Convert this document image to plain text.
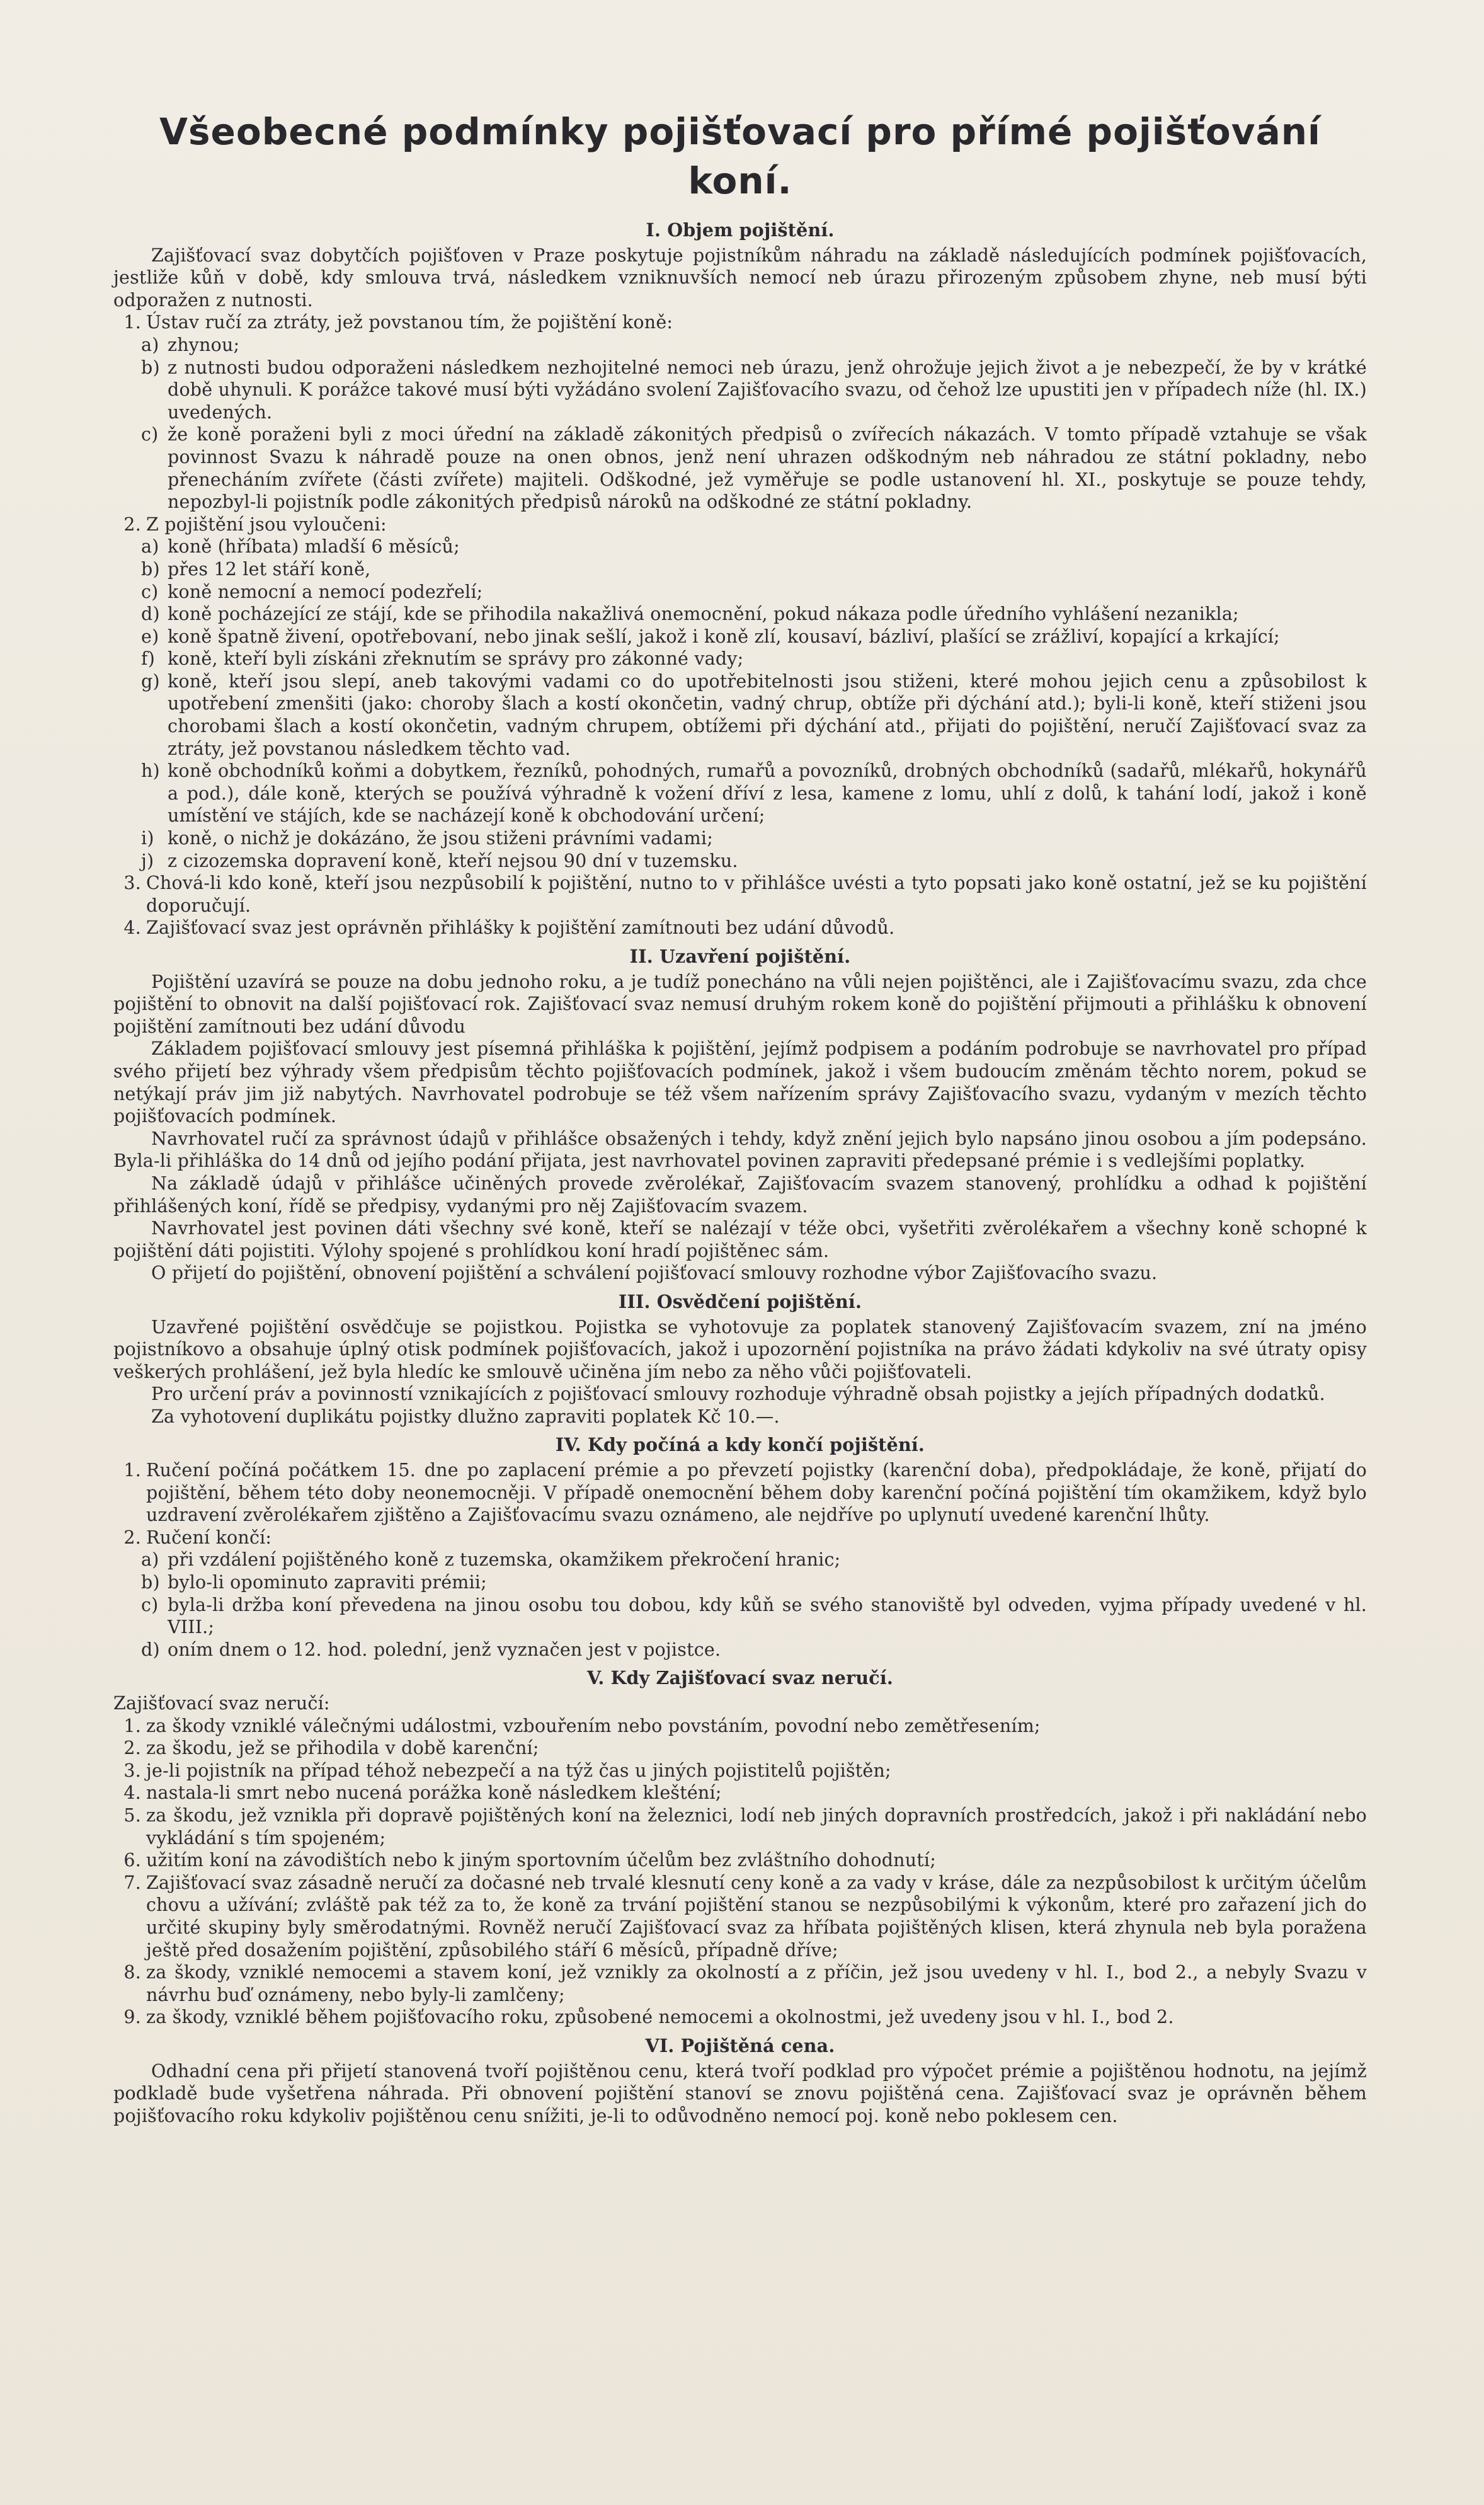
Všeobecné podmínky pojišťovací pro přímé pojišťování koní.
I. Objem pojištění.

Zajišťovací svaz dobytčích pojišťoven v Praze poskytuje pojistníkům náhradu na základě následujících podmínek pojišťovacích, jestliže kůň v době, kdy smlouva trvá, následkem vzniknuvších nemocí neb úrazu přirozeným způsobem zhyne, neb musí býti odporažen z nutnosti.

1. Ústav ručí za ztráty, jež povstanou tím, že pojištění koně:
a) zhynou;
b) z nutnosti budou odporaženi následkem nezhojitelné nemoci neb úrazu, jenž ohrožuje jejich život a je nebezpečí, že by v krátké době uhynuli. K porážce takové musí býti vyžádáno svolení Zajišťovacího svazu, od čehož lze upustiti jen v případech níže (hl. IX.) uvedených.
c) že koně poraženi byli z moci úřední na základě zákonitých předpisů o zvířecích nákazách. V tomto případě vztahuje se však povinnost Svazu k náhradě pouze na onen obnos, jenž není uhrazen odškodným neb náhradou ze státní pokladny, nebo přenecháním zvířete (části zvířete) majiteli. Odškodné, jež vyměřuje se podle ustanovení hl. XI., poskytuje se pouze tehdy, nepozbyl-li pojistník podle zákonitých předpisů nároků na odškodné ze státní pokladny.
2. Z pojištění jsou vyloučeni:
a) koně (hříbata) mladší 6 měsíců;
b) přes 12 let stáří koně,
c) koně nemocní a nemocí podezřelí;
d) koně pocházející ze stájí, kde se přihodila nakažlivá onemocnění, pokud nákaza podle úředního vyhlášení nezanikla;
e) koně špatně živení, opotřebovaní, nebo jinak sešlí, jakož i koně zlí, kousaví, bázliví, plašící se zrážliví, kopající a krkající;
f) koně, kteří byli získáni zřeknutím se správy pro zákonné vady;
g) koně, kteří jsou slepí, aneb takovými vadami co do upotřebitelnosti jsou stiženi, které mohou jejich cenu a způsobilost k upotřebení zmenšiti (jako: choroby šlach a kostí okončetin, vadný chrup, obtíže při dýchání atd.); byli-li koně, kteří stiženi jsou chorobami šlach a kostí okončetin, vadným chrupem, obtížemi při dýchání atd., přijati do pojištění, neručí Zajišťovací svaz za ztráty, jež povstanou následkem těchto vad.
h) koně obchodníků koňmi a dobytkem, řezníků, pohodných, rumařů a povozníků, drobných obchodníků (sadařů, mlékařů, hokynářů a pod.), dále koně, kterých se používá výhradně k vožení dříví z lesa, kamene z lomu, uhlí z dolů, k tahání lodí, jakož i koně umístění ve stájích, kde se nacházejí koně k obchodování určení;
i) koně, o nichž je dokázáno, že jsou stiženi právními vadami;
j) z cizozemska dopravení koně, kteří nejsou 90 dní v tuzemsku.
3. Chová-li kdo koně, kteří jsou nezpůsobilí k pojištění, nutno to v přihlášce uvésti a tyto popsati jako koně ostatní, jež se ku pojištění doporučují.
4. Zajišťovací svaz jest oprávněn přihlášky k pojištění zamítnouti bez udání důvodů.
II. Uzavření pojištění.

Pojištění uzavírá se pouze na dobu jednoho roku, a je tudíž ponecháno na vůli nejen pojištěnci, ale i Zajišťovacímu svazu, zda chce pojištění to obnovit na další pojišťovací rok. Zajišťovací svaz nemusí druhým rokem koně do pojištění přijmouti a přihlášku k obnovení pojištění zamítnouti bez udání důvodu

Základem pojišťovací smlouvy jest písemná přihláška k pojištění, jejímž podpisem a podáním podrobuje se navrhovatel pro případ svého přijetí bez výhrady všem předpisům těchto pojišťovacích podmínek, jakož i všem budoucím změnám těchto norem, pokud se netýkají práv jim již nabytých. Navrhovatel podrobuje se též všem nařízením správy Zajišťovacího svazu, vydaným v mezích těchto pojišťovacích podmínek.

Navrhovatel ručí za správnost údajů v přihlášce obsažených i tehdy, když znění jejich bylo napsáno jinou osobou a jím podepsáno. Byla-li přihláška do 14 dnů od jejího podání přijata, jest navrhovatel povinen zapraviti předepsané prémie i s vedlejšími poplatky.

Na základě údajů v přihlášce učiněných provede zvěrolékař, Zajišťovacím svazem stanovený, prohlídku a odhad k pojištění přihlášených koní, řídě se předpisy, vydanými pro něj Zajišťovacím svazem.

Navrhovatel jest povinen dáti všechny své koně, kteří se nalézají v téže obci, vyšetřiti zvěrolékařem a všechny koně schopné k pojištění dáti pojistiti. Výlohy spojené s prohlídkou koní hradí pojištěnec sám.

O přijetí do pojištění, obnovení pojištění a schválení pojišťovací smlouvy rozhodne výbor Zajišťovacího svazu.

III. Osvědčení pojištění.

Uzavřené pojištění osvědčuje se pojistkou. Pojistka se vyhotovuje za poplatek stanovený Zajišťovacím svazem, zní na jméno pojistníkovo a obsahuje úplný otisk podmínek pojišťovacích, jakož i upozornění pojistníka na právo žádati kdykoliv na své útraty opisy veškerých prohlášení, jež byla hledíc ke smlouvě učiněna jím nebo za něho vůči pojišťovateli.

Pro určení práv a povinností vznikajících z pojišťovací smlouvy rozhoduje výhradně obsah pojistky a jejích případných dodatků.

Za vyhotovení duplikátu pojistky dlužno zapraviti poplatek Kč 10.—.

IV. Kdy počíná a kdy končí pojištění.
1. Ručení počíná počátkem 15. dne po zaplacení prémie a po převzetí pojistky (karenční doba), předpokládaje, že koně, přijatí do pojištění, během této doby neonemocněji. V případě onemocnění během doby karenční počíná pojištění tím okamžikem, když bylo uzdravení zvěrolékařem zjištěno a Zajišťovacímu svazu oznámeno, ale nejdříve po uplynutí uvedené karenční lhůty.
2. Ručení končí:
a) při vzdálení pojištěného koně z tuzemska, okamžikem překročení hranic;
b) bylo-li opominuto zapraviti prémii;
c) byla-li držba koní převedena na jinou osobu tou dobou, kdy kůň se svého stanoviště byl odveden, vyjma případy uvedené v hl. VIII.;
d) oním dnem o 12. hod. polední, jenž vyznačen jest v pojistce.
V. Kdy Zajišťovací svaz neručí.

Zajišťovací svaz neručí:

1. za škody vzniklé válečnými událostmi, vzbouřením nebo povstáním, povodní nebo zemětřesením;
2. za škodu, jež se přihodila v době karenční;
3. je-li pojistník na případ téhož nebezpečí a na týž čas u jiných pojistitelů pojištěn;
4. nastala-li smrt nebo nucená porážka koně následkem klešténí;
5. za škodu, jež vznikla při dopravě pojištěných koní na železnici, lodí neb jiných dopravních prostředcích, jakož i při nakládání nebo vykládání s tím spojeném;
6. užitím koní na závodištích nebo k jiným sportovním účelům bez zvláštního dohodnutí;
7. Zajišťovací svaz zásadně neručí za dočasné neb trvalé klesnutí ceny koně a za vady v kráse, dále za nezpůsobilost k určitým účelům chovu a užívání; zvláště pak též za to, že koně za trvání pojištění stanou se nezpůsobilými k výkonům, které pro zařazení jich do určité skupiny byly směrodatnými. Rovněž neručí Zajišťovací svaz za hříbata pojištěných klisen, která zhynula neb byla poražena ještě před dosažením pojištění, způsobilého stáří 6 měsíců, případně dříve;
8. za škody, vzniklé nemocemi a stavem koní, jež vznikly za okolností a z příčin, jež jsou uvedeny v hl. I., bod 2., a nebyly Svazu v návrhu buď oznámeny, nebo byly-li zamlčeny;
9. za škody, vzniklé během pojišťovacího roku, způsobené nemocemi a okolnostmi, jež uvedeny jsou v hl. I., bod 2.
VI. Pojištěná cena.

Odhadní cena při přijetí stanovená tvoří pojištěnou cenu, která tvoří podklad pro výpočet prémie a pojištěnou hodnotu, na jejímž podkladě bude vyšetřena náhrada. Při obnovení pojištění stanoví se znovu pojištěná cena. Zajišťovací svaz je oprávněn během pojišťovacího roku kdykoliv pojištěnou cenu snížiti, je-li to odůvodněno nemocí poj. koně nebo poklesem cen.
